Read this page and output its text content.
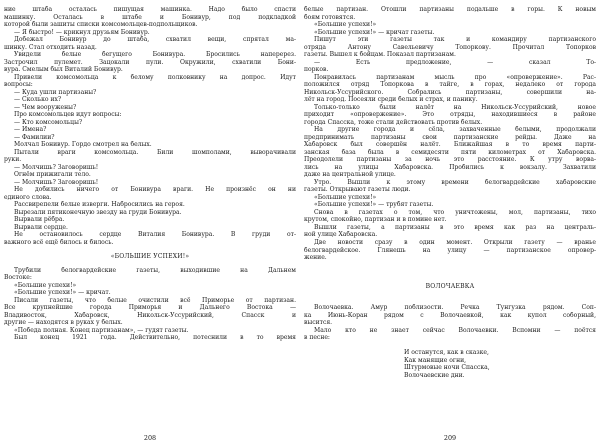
ние штаба осталась пишущая машинка. Надо было спасти
машинку. Осталась в штабе и Бонивур, под подкладкой
которой были зашиты списки комсомольцев-подпольщиков.
— Я быстро! — крикнул друзьям Бонивур.
Добежал Бонивур до штаба, схватил вещи, спрятал ма-
шинку. Стал отходить назад.
Увидели белые бегущего Бонивура. Бросились наперерез.
Застрочил пулемет. Зацокали пули. Окружили, схватили Бони-
вура. Смелым был Виталий Бонивур.
Привели комсомольца к белому полковнику на допрос. Идут
вопросы:
— Куда ушли партизаны?
— Сколько их?
— Чем вооружены?
Про комсомольцев идут вопросы:
— Кто комсомольцы?
— Имена?
— Фамилии?
Молчал Бонивур. Гордо смотрел на белых.
Пытали враги комсомольца. Били шомполами, выворачивали
руки.
— Молчишь? Заговоришь!
Огнём прижигали тело.
— Молчишь? Заговоришь!
Не добились ничего от Бонивура враги. Не произнёс он ни
единого слова.
Рассвирепели белые изверги. Набросились на героя.
Вырезали пятиконечную звезду на груди Бонивура.
Вырвали рёбра.
Вырвали сердце.
Не остановилось сердце Виталия Бонивура. В груди от-
важного всё ещё билось и билось.
«БОЛЬШИЕ УСПЕХИ!»
Трубили белогвардейские газеты, выходившие на Дальнем
Востоке:
«Большие успехи!»
«Большие успехи!» — кричат.
Писали газеты, что белые очистили всё Приморье от партизан.
Все крупнейшие города Приморья и Дальнего Востока —
Владивосток, Хабаровск, Никольск-Уссурийский, Спасск и
другие — находятся в руках у белых.
«Победа полная. Конец партизанам», — гудят газеты.
Был конец 1921 года. Действительно, потеснили в то время
белые партизан. Отошли партизаны подальше в горы. К новым
боям готовятся.
«Большие успехи!»
«Большие успехи!» — кричат газеты.
Пишут эти газеты так и командиру партизанского
отряда Антону Савельевичу Топоркову. Прочитал Топорков
газеты. Вышел к бойцам. Показал партизанам.
— Есть предложение, — сказал То-
порков.
Понравилась партизанам мысль про «опровержение». Рас-
положился отряд Топоркова в тайге, в горах, недалеко от города
Никольск-Уссурийского. Собрались партизаны, совершили на-
лёт на город. Посеяли среди белых и страх, и панику.
Только-только были налёт на Никольск-Уссурийский, новое
приходит «опровержение». Это отряды, находившиеся в районе
города Спасска, тоже стали действовать против белых.
На другие города и сёла, захваченные белыми, продолжали
предпринимать партизаны свои партизанские рейды. Даже на
Хабаровск был совершён налёт. Ближайшая в то время парти-
занская база была в семидесяти пяти километрах от Хабаровска.
Преодолели партизаны за ночь это расстояние. К утру ворва-
лись на улицы Хабаровска. Пробились к вокзалу. Захватили
даже на центральной улице.
Утро. Вышли к этому времени белогвардейские хабаровские
газеты. Открывают газеты люди.
«Большие успехи!»
«Большие успехи!» — трубят газеты.
Снова в газетах о том, что уничтожены, мол, партизаны, тихо
крутом, спокойно, партизан и в помине нет.
Вышли газеты, а партизаны в это время как раз на централь-
ной улице Хабаровска.
Две новости сразу в один момент. Открыли газету — вранье
белогвардейское. Глянешь на улицу — партизанское опровер-
жение.
ВОЛОЧАЕВКА
Волочаевка. Амур поблизости. Речка Тунгузка рядом. Соп-
ка Июнь-Коран рядом с Волочаевкой, как купол соборный,
высится.
Мало кто не знает сейчас Волочаевки. Вспомни — поётся
в песне:
И останутся, как в сказке,
Как манящие огни,
Штурмовые ночи Спасска,
Волочаевские дни.
208	209
